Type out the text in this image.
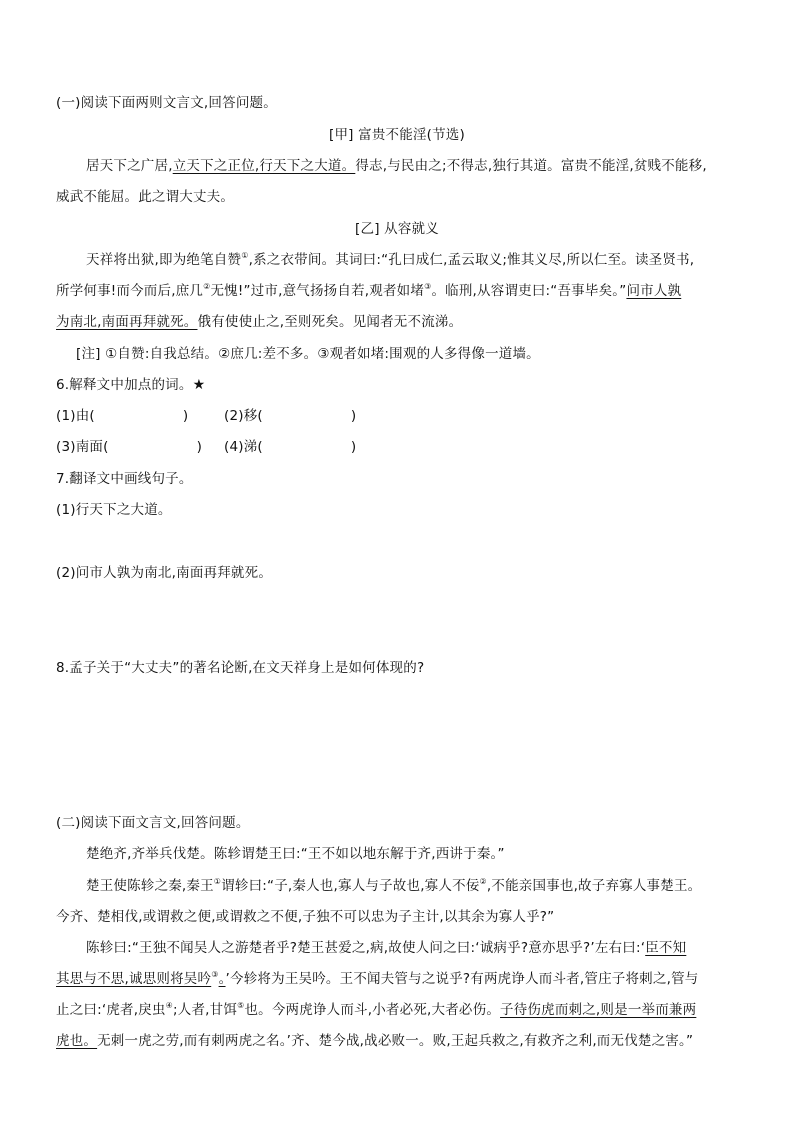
(一)阅读下面两则文言文,回答问题。
[甲] 富贵不能淫(节选)
居天下之广居,立天下之正位,行天下之大道。得志,与民由之;不得志,独行其道。富贵不能淫,贫贱不能移,
威武不能屈。此之谓大丈夫。
[乙] 从容就义
天祥将出狱,即为绝笔自赞①,系之衣带间。其词曰:“孔曰成仁,孟云取义;惟其义尽,所以仁至。读圣贤书,
所学何事!而今而后,庶几②无愧!”过市,意气扬扬自若,观者如堵③。临刑,从容谓吏曰:“吾事毕矣。”问市人孰
为南北,南面再拜就死。俄有使使止之,至则死矣。见闻者无不流涕。
[注] ①自赞:自我总结。②庶几:差不多。③观者如堵:围观的人多得像一道墙。
6.解释文中加点的词。★
(1)由(	)	(2)移(	)
(3)南面(	) (4)涕(	)
7.翻译文中画线句子。
(1)行天下之大道。
(2)问市人孰为南北,南面再拜就死。
8.孟子关于“大丈夫”的著名论断,在文天祥身上是如何体现的?
(二)阅读下面文言文,回答问题。
楚绝齐,齐举兵伐楚。陈轸谓楚王曰:“王不如以地东解于齐,西讲于秦。”
楚王使陈轸之秦,秦王①谓轸曰:“子,秦人也,寡人与子故也,寡人不佞②,不能亲国事也,故子弃寡人事楚王。
今齐、楚相伐,或谓救之便,或谓救之不便,子独不可以忠为子主计,以其余为寡人乎?”
陈轸曰:“王独不闻吴人之游楚者乎?楚王甚爱之,病,故使人问之曰:‘诚病乎?意亦思乎?’左右曰:‘臣不知
其思与不思,诚思则将吴吟③。’今轸将为王吴吟。王不闻夫管与之说乎?有两虎诤人而斗者,管庄子将刺之,管与
止之曰:‘虎者,戾虫④;人者,甘饵⑤也。今两虎诤人而斗,小者必死,大者必伤。子待伤虎而刺之,则是一举而兼两
虎也。无刺一虎之劳,而有刺两虎之名。’齐、楚今战,战必败一。败,王起兵救之,有救齐之利,而无伐楚之害。”
